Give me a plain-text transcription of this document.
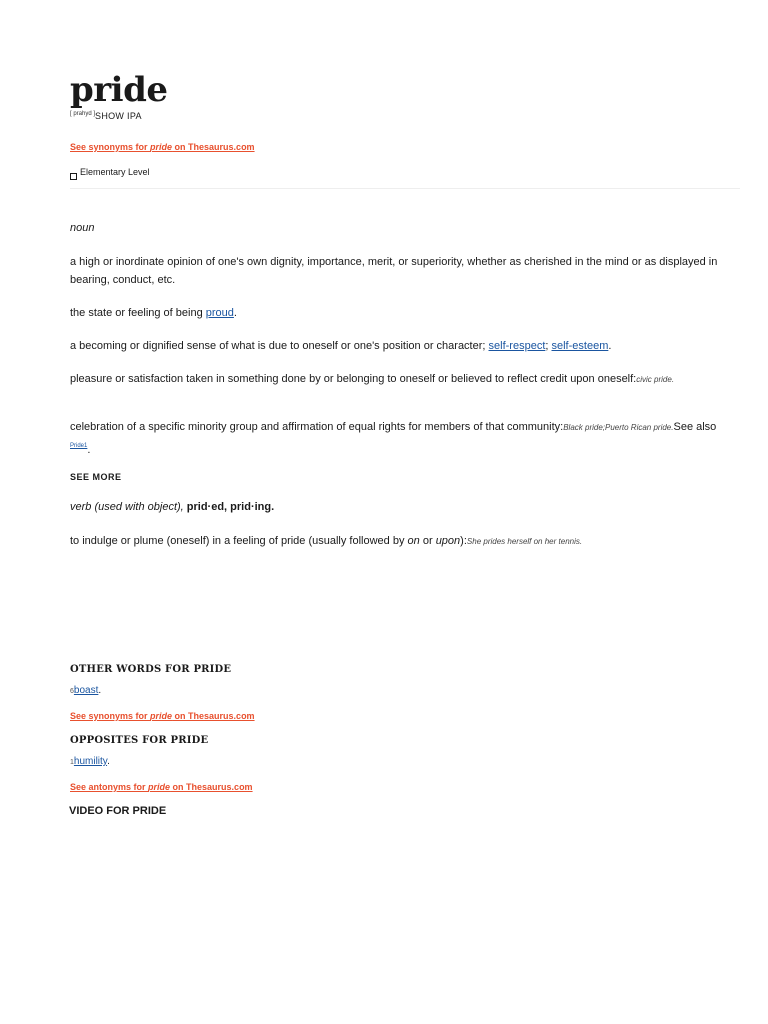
pride
[ prahyd ]SHOW IPA
See synonyms for pride on Thesaurus.com
Elementary Level
noun

a high or inordinate opinion of one's own dignity, importance, merit, or superiority, whether as cherished in the mind or as displayed in bearing, conduct, etc.

the state or feeling of being proud.

a becoming or dignified sense of what is due to oneself or one's position or character; self-respect; self-esteem.

pleasure or satisfaction taken in something done by or belonging to oneself or believed to reflect credit upon oneself:civic pride.

celebration of a specific minority group and affirmation of equal rights for members of that community:Black pride;Puerto Rican pride.See also $^{Pride1}$.

SEE MORE
verb (used with object), prid·ed, prid·ing.

to indulge or plume (oneself) in a feeling of pride (usually followed by on or upon):She prides herself on her tennis.

OTHER WORDS FOR PRIDE
6boast.
See synonyms for pride on Thesaurus.com
OPPOSITES FOR PRIDE
1humility.
See antonyms for pride on Thesaurus.com
VIDEO FOR PRIDE
